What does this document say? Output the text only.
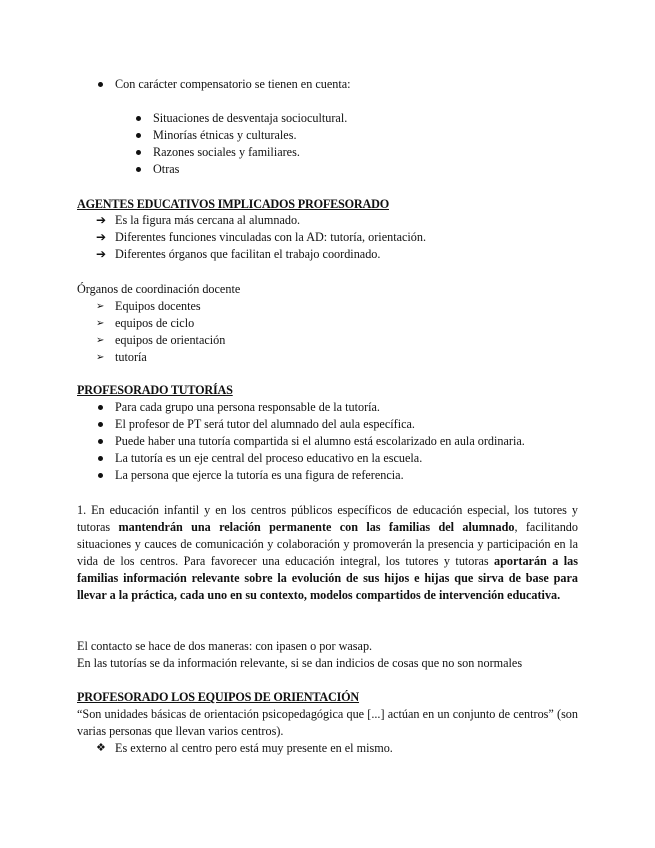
Con carácter compensatorio se tienen en cuenta:
Situaciones de desventaja sociocultural.
Minorías étnicas y culturales.
Razones sociales y familiares.
Otras
AGENTES EDUCATIVOS IMPLICADOS PROFESORADO
➔ Es la figura más cercana al alumnado.
➔ Diferentes funciones vinculadas con la AD: tutoría, orientación.
➔ Diferentes órganos que facilitan el trabajo coordinado.
Órganos de coordinación docente
➢ Equipos docentes
➢ equipos de ciclo
➢ equipos de orientación
➢ tutoría
PROFESORADO TUTORÍAS
Para cada grupo una persona responsable de la tutoría.
El profesor de PT será tutor del alumnado del aula específica.
Puede haber una tutoría compartida si el alumno está escolarizado en aula ordinaria.
La tutoría es un eje central del proceso educativo en la escuela.
La persona que ejerce la tutoría es una figura de referencia.
1. En educación infantil y en los centros públicos específicos de educación especial, los tutores y tutoras mantendrán una relación permanente con las familias del alumnado, facilitando situaciones y cauces de comunicación y colaboración y promoverán la presencia y participación en la vida de los centros. Para favorecer una educación integral, los tutores y tutoras aportarán a las familias información relevante sobre la evolución de sus hijos e hijas que sirva de base para llevar a la práctica, cada uno en su contexto, modelos compartidos de intervención educativa.
El contacto se hace de dos maneras: con ipasen o por wasap.
En las tutorías se da información relevante, si se dan indicios de cosas que no son normales
PROFESORADO LOS EQUIPOS DE ORIENTACIÓN
“Son unidades básicas de orientación psicopedagógica que [...] actúan en un conjunto de centros” (son varias personas que llevan varios centros).
❖ Es externo al centro pero está muy presente en el mismo.
